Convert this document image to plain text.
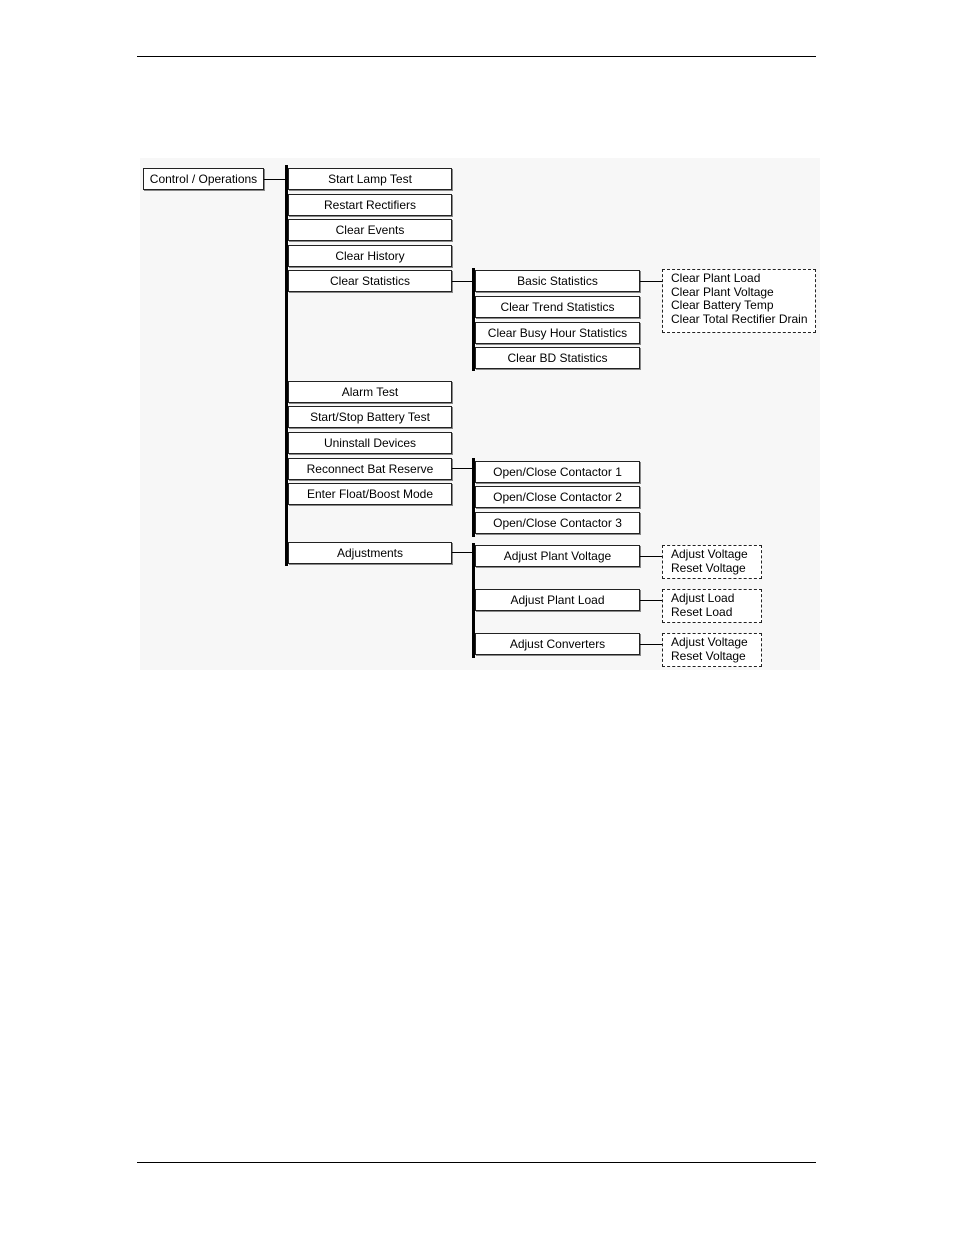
Control / Operations	Start Lamp Test
Restart Rectifiers
Clear Events
Clear History
Clear Statistics
Alarm Test
Start/Stop Battery Test
Uninstall Devices
Reconnect Bat Reserve
Enter Float/Boost Mode
Adjustments
Basic Statistics
Clear Trend Statistics
Clear Busy Hour Statistics
Clear BD Statistics
Clear Plant Load
Clear Plant Voltage
Clear Battery Temp
Clear Total Rectifier Drain
Open/Close Contactor 1
Open/Close Contactor 2
Open/Close Contactor 3
Adjust Plant Voltage
Adjust Plant Load
Adjust Converters
Adjust Voltage
Reset Voltage
Adjust Load
Reset Load
Adjust Voltage
Reset Voltage
